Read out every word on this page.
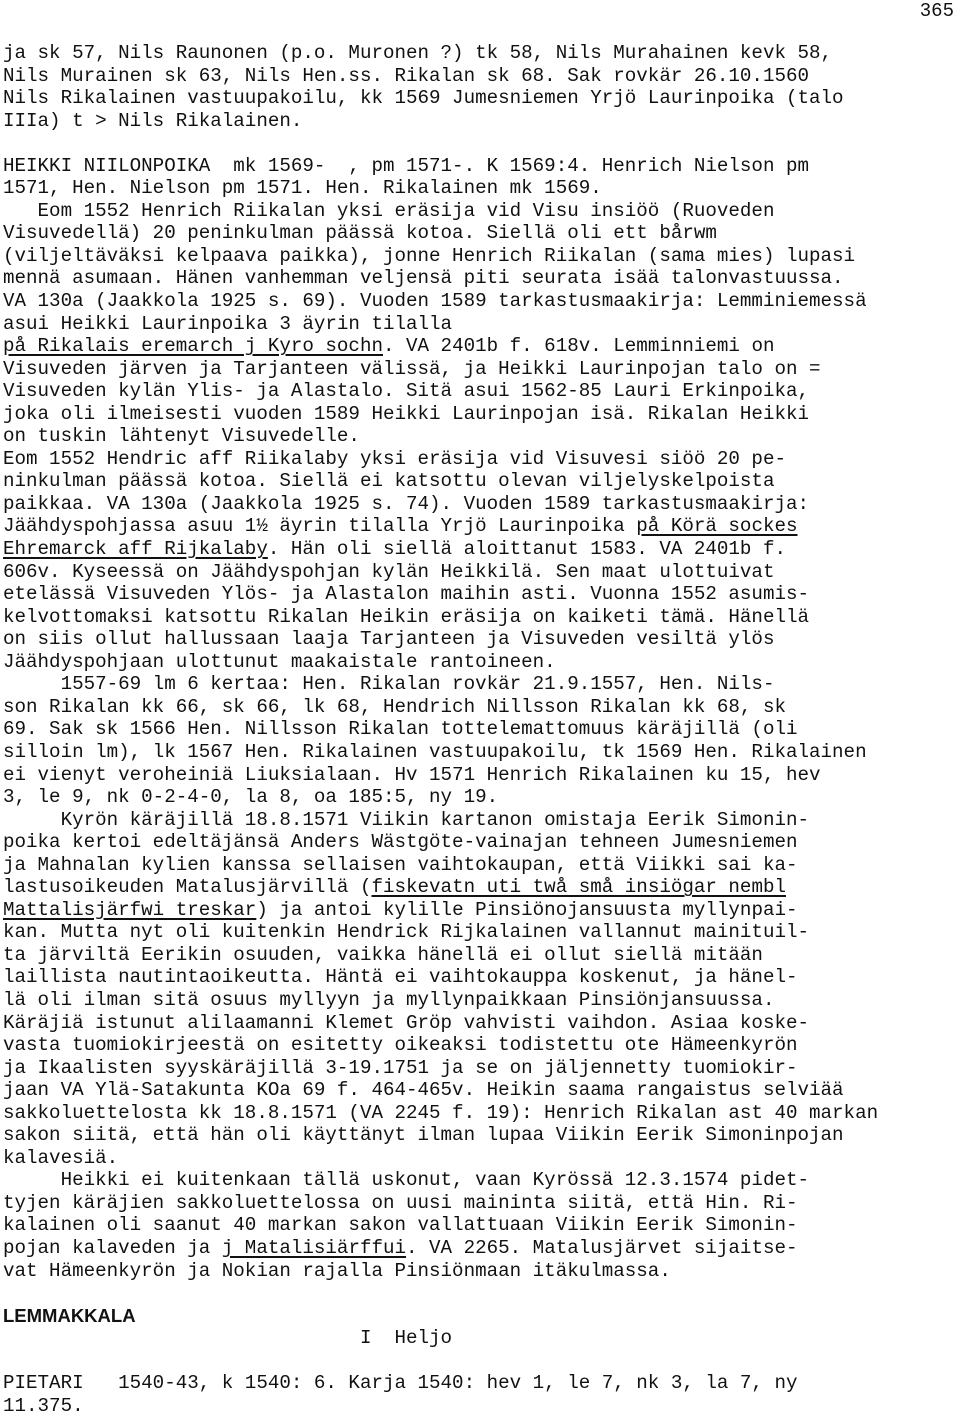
365

ja sk 57, Nils Raunonen (p.o. Muronen ?) tk 58, Nils Murahainen kevk 58,
Nils Murainen sk 63, Nils Hen.ss. Rikalan sk 68. Sak rovkär 26.10.1560
Nils Rikalainen vastuupakoilu, kk 1569 Jumesniemen Yrjö Laurinpoika (talo
IIIa) t > Nils Rikalainen.
HEIKKI NIILONPOIKA  mk 1569-  , pm 1571-. K 1569:4. Henrich Nielson pm
1571, Hen. Nielson pm 1571. Hen. Rikalainen mk 1569.
Eom 1552 Henrich Riikalan yksi eräsija vid Visu insiöö (Ruoveden
Visuvedellä) 20 peninkulman päässä kotoa. Siellä oli ett bårwm
(viljeltäväksi kelpaava paikka), jonne Henrich Riikalan (sama mies) lupasi
mennä asumaan. Hänen vanhemman veljensä piti seurata isää talonvastuussa.
VA 130a (Jaakkola 1925 s. 69). Vuoden 1589 tarkastusmaakirja: Lemminiemessä
asui Heikki Laurinpoika 3 äyrin tilalla
på Rikalais eremarch j Kyro sochn. VA 2401b f. 618v. Lemminniemi on
Visuveden järven ja Tarjanteen välissä, ja Heikki Laurinpojan talo on =
Visuveden kylän Ylis- ja Alastalo. Sitä asui 1562-85 Lauri Erkinpoika,
joka oli ilmeisesti vuoden 1589 Heikki Laurinpojan isä. Rikalan Heikki
on tuskin lähtenyt Visuvedelle.
Eom 1552 Hendric aff Riikalaby yksi eräsija vid Visuvesi siöö 20 pe-
ninkulman päässä kotoa. Siellä ei katsottu olevan viljelyskelpoista
paikkaa. VA 130a (Jaakkola 1925 s. 74). Vuoden 1589 tarkastusmaakirja:
Jäähdyspohjassa asuu 1½ äyrin tilalla Yrjö Laurinpoika på Körä sockes
Ehremarck aff Rijkalaby. Hän oli siellä aloittanut 1583. VA 2401b f.
606v. Kyseessä on Jäähdyspohjan kylän Heikkilä. Sen maat ulottuivat
etelässä Visuveden Ylös- ja Alastalon maihin asti. Vuonna 1552 asumis-
kelvottomaksi katsottu Rikalan Heikin eräsija on kaiketi tämä. Hänellä
on siis ollut hallussaan laaja Tarjanteen ja Visuveden vesiltä ylös
Jäähdyspohjaan ulottunut maakaistale rantoineen.
1557-69 lm 6 kertaa: Hen. Rikalan rovkär 21.9.1557, Hen. Nils-
son Rikalan kk 66, sk 66, lk 68, Hendrich Nillsson Rikalan kk 68, sk
69. Sak sk 1566 Hen. Nillsson Rikalan tottelemattomuus käräjillä (oli
silloin lm), lk 1567 Hen. Rikalainen vastuupakoilu, tk 1569 Hen. Rikalainen
ei vienyt veroheiniä Liuksialaan. Hv 1571 Henrich Rikalainen ku 15, hev
3, le 9, nk 0-2-4-0, la 8, oa 185:5, ny 19.
Kyrön käräjillä 18.8.1571 Viikin kartanon omistaja Eerik Simonin-
poika kertoi edeltäjänsä Anders Wästgöte-vainajan tehneen Jumesniemen
ja Mahnalan kylien kanssa sellaisen vaihtokaupan, että Viikki sai ka-
lastusoikeuden Matalusjärvillä (fiskevatn uti twå små insiögar nembl
Mattalisjärfwi treskar) ja antoi kylille Pinsiönojansuusta myllynpai-
kan. Mutta nyt oli kuitenkin Hendrick Rijkalainen vallannut mainituil-
ta järviltä Eerikin osuuden, vaikka hänellä ei ollut siellä mitään
laillista nautintaoikeutta. Häntä ei vaihtokauppa koskenut, ja hänel-
lä oli ilman sitä osuus myllyyn ja myllynpaikkaan Pinsiönjansuussa.
Käräjiä istunut alilaamanni Klemet Gröp vahvisti vaihdon. Asiaa koske-
vasta tuomiokirjeestä on esitetty oikeaksi todistettu ote Hämeenkyrön
ja Ikaalisten syyskäräjillä 3-19.1751 ja se on jäljennetty tuomiokir-
jaan VA Ylä-Satakunta KOa 69 f. 464-465v. Heikin saama rangaistus selviää
sakkoluettelosta kk 18.8.1571 (VA 2245 f. 19): Henrich Rikalan ast 40 markan
sakon siitä, että hän oli käyttänyt ilman lupaa Viikin Eerik Simoninpojan
kalavesiä.
Heikki ei kuitenkaan tällä uskonut, vaan Kyrössä 12.3.1574 pidet-
tyjen käräjien sakkoluettelossa on uusi maininta siitä, että Hin. Ri-
kalainen oli saanut 40 markan sakon vallattuaan Viikin Eerik Simonin-
pojan kalaveden ja j Matalisiärffui. VA 2265. Matalusjärvet sijaitse-
vat Hämeenkyrön ja Nokian rajalla Pinsiönmaan itäkulmassa.
LEMMAKKALA
I  Heljo
PIETARI   1540-43, k 1540: 6. Karja 1540: hev 1, le 7, nk 3, la 7, ny
11.375.
